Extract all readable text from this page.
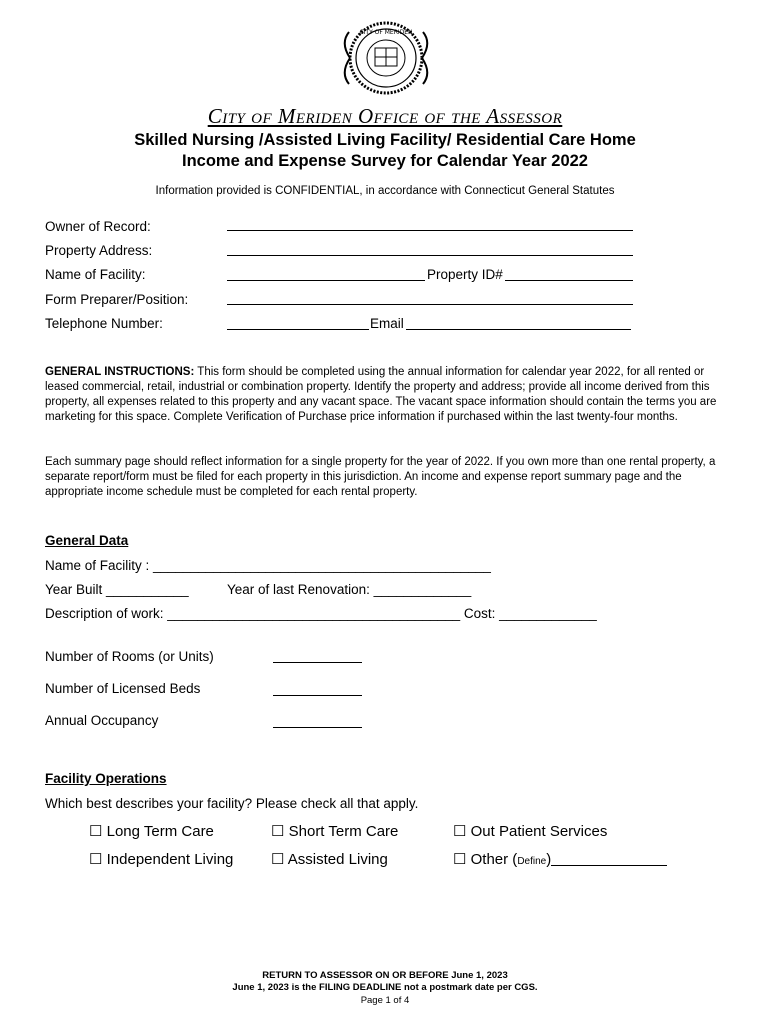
CITY OF MERIDEN
City of Meriden Office of the Assessor
Skilled Nursing /Assisted Living Facility/ Residential Care Home
Income and Expense Survey for Calendar Year 2022
Information provided is CONFIDENTIAL, in accordance with Connecticut General Statutes
Owner of Record:
Property Address:
Name of Facility:	Property ID#
Form Preparer/Position:
Telephone Number:	Email
GENERAL INSTRUCTIONS: This form should be completed using the annual information for calendar year 2022, for all rented or leased commercial, retail, industrial or combination property. Identify the property and address; provide all income derived from this property, all expenses related to this property and any vacant space. The vacant space information should contain the terms you are marketing for this space. Complete Verification of Purchase price information if purchased within the last twenty-four months.
Each summary page should reflect information for a single property for the year of 2022. If you own more than one rental property, a separate report/form must be filed for each property in this jurisdiction. An income and expense report summary page and the appropriate income schedule must be completed for each rental property.
General Data
Name of Facility : _____________________________________________
Year Built ___________	Year of last Renovation: _____________
Description of work: _______________________________________ Cost: _____________
Number of Rooms (or Units)
Number of Licensed Beds
Annual Occupancy
Facility Operations
Which best describes your facility? Please check all that apply.
☐ Long Term Care	☐ Short Term Care	☐ Out Patient Services
☐ Independent Living	☐ Assisted Living	☐ Other (Define)
RETURN TO ASSESSOR ON OR BEFORE June 1, 2023
June 1, 2023 is the FILING DEADLINE not a postmark date per CGS.
Page 1 of 4
